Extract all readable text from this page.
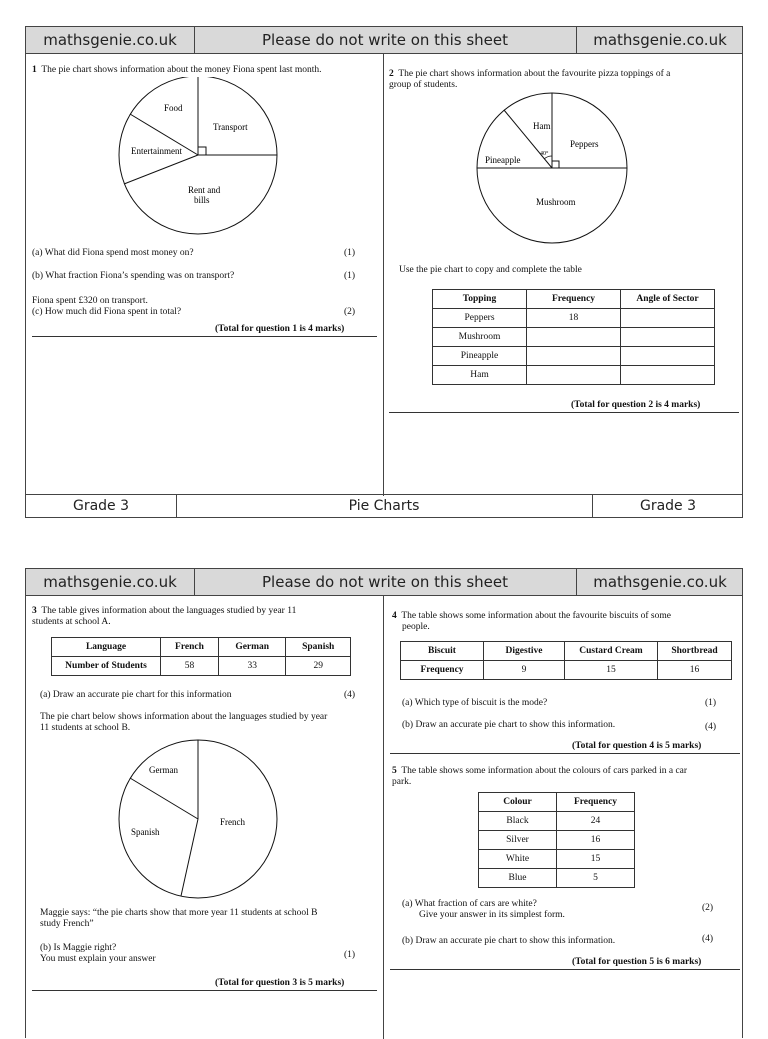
mathsgenie.co.uk	Please do not write on this sheet	mathsgenie.co.uk
1 The pie chart shows information about the money Fiona spent last month.
Food
Transport
Entertainment
Rent and
bills
(a) What did Fiona spend most money on?	(1)
(b) What fraction Fiona’s spending was on transport?	(1)
Fiona spent £320 on transport.
(c) How much did Fiona spent in total?	(2)
(Total for question 1 is 4 marks)
2 The pie chart shows information about the favourite pizza toppings of a
group of students.
40°
Ham
Peppers
Pineapple
Mushroom
Use the pie chart to copy and complete the table
Topping	Frequency	Angle of Sector
Peppers	18	
Mushroom		
Pineapple		
Ham		
(Total for question 2 is 4 marks)
Grade 3	Pie Charts	Grade 3
mathsgenie.co.uk	Please do not write on this sheet	mathsgenie.co.uk
3 The table gives information about the languages studied by year 11
students at school A.
Language	French	German	Spanish
Number of Students	58	33	29
(a) Draw an accurate pie chart for this information	(4)
The pie chart below shows information about the languages studied by year
11 students at school B.
German
Spanish
French
Maggie says: “the pie charts show that more year 11 students at school B
study French”
(b) Is Maggie right?
You must explain your answer	(1)
(Total for question 3 is 5 marks)
4 The table shows some information about the favourite biscuits of some
people.
Biscuit	Digestive	Custard Cream	Shortbread
Frequency	9	15	16
(a) Which type of biscuit is the mode?	(1)
(b) Draw an accurate pie chart to show this information.	(4)
(Total for question 4 is 5 marks)
5 The table shows some information about the colours of cars parked in a car
park.
Colour	Frequency
Black	24
Silver	16
White	15
Blue	5
(a) What fraction of cars are white?
Give your answer in its simplest form.
(2)
(b) Draw an accurate pie chart to show this information.	(4)
(Total for question 5 is 6 marks)
